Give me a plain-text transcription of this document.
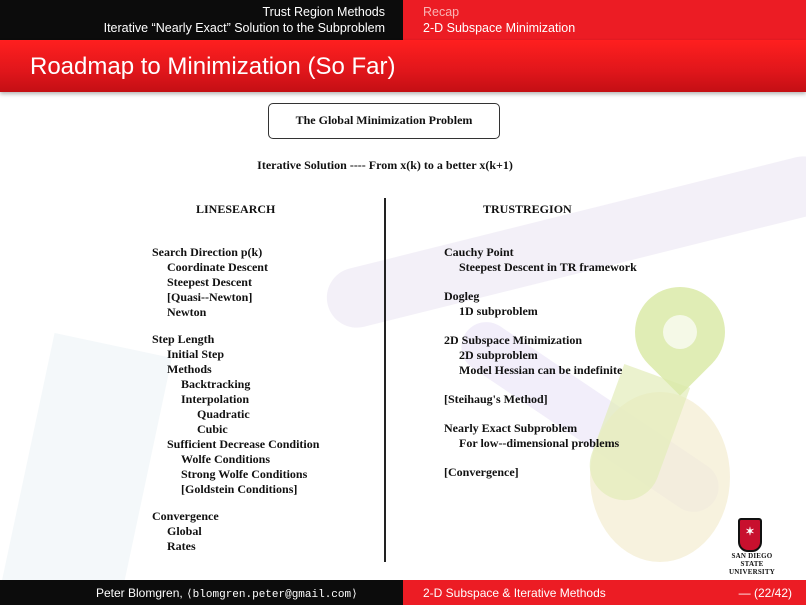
Trust Region Methods
Iterative “Nearly Exact” Solution to the Subproblem
Recap
2-D Subspace Minimization
Roadmap to Minimization (So Far)
The Global Minimization Problem
Iterative Solution ---- From x(k) to a better x(k+1)
LINESEARCH	TRUSTREGION
Search Direction p(k)
Coordinate Descent
Steepest Descent
[Quasi--Newton]
Newton
Step Length
Initial Step
Methods
Backtracking
Interpolation
Quadratic
Cubic
Sufficient Decrease Condition
Wolfe Conditions
Strong Wolfe Conditions
[Goldstein Conditions]
Convergence
Global
Rates
Cauchy Point
Steepest Descent in TR framework
Dogleg
1D subproblem
2D Subspace Minimization
2D subproblem
Model Hessian can be indefinite
[Steihaug's Method]
Nearly Exact Subproblem
For low--dimensional problems
[Convergence]
✶
SAN DIEGO STATE
UNIVERSITY
Peter Blomgren, ⟨blomgren.peter@gmail.com⟩	2-D Subspace & Iterative Methods	— (22/42)
